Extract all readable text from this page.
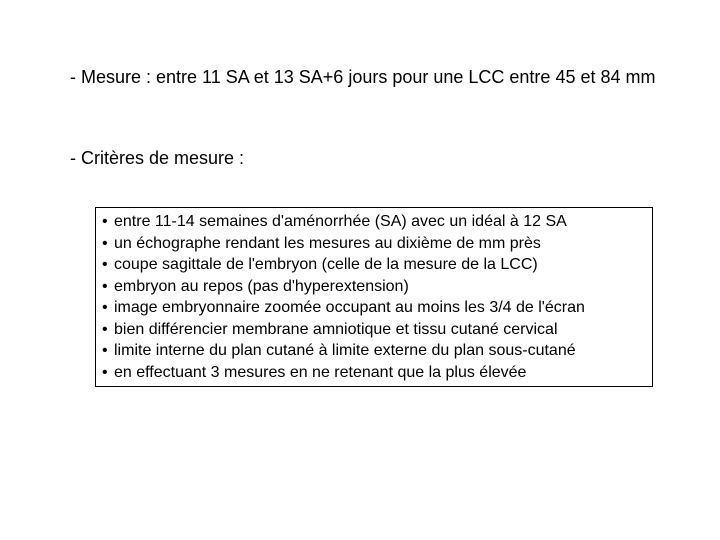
- Mesure : entre 11 SA et 13 SA+6 jours pour une LCC entre 45 et 84 mm

- Critères de mesure :

• entre 11-14 semaines d'aménorrhée (SA) avec un idéal à 12 SA
• un échographe rendant les mesures au dixième de mm près
• coupe sagittale de l'embryon (celle de la mesure de la LCC)
• embryon au repos (pas d'hyperextension)
• image embryonnaire zoomée occupant au moins les 3/4 de l'écran
• bien différencier membrane amniotique et tissu cutané cervical
• limite interne du plan cutané à limite externe du plan sous-cutané
• en effectuant 3 mesures en ne retenant que la plus élevée
